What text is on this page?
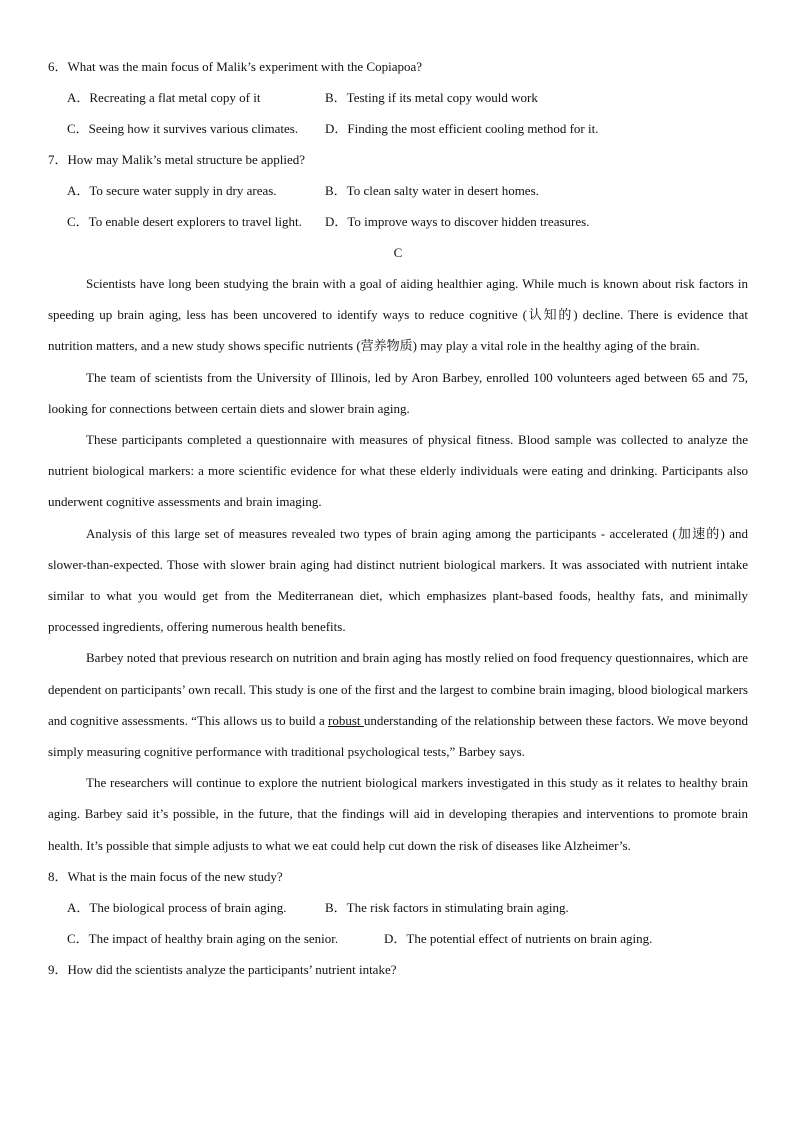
6．What was the main focus of Malik’s experiment with the Copiapoa?
A．Recreating a flat metal copy of it	B．Testing if its metal copy would work
C．Seeing how it survives various climates. D．Finding the most efficient cooling method for it.
7．How may Malik’s metal structure be applied?
A．To secure water supply in dry areas.	B．To clean salty water in desert homes.
C．To enable desert explorers to travel light. D．To improve ways to discover hidden treasures.
C

Scientists have long been studying the brain with a goal of aiding healthier aging. While much is known about risk factors in speeding up brain aging, less has been uncovered to identify ways to reduce cognitive (认知的) decline. There is evidence that nutrition matters, and a new study shows specific nutrients (营养物质) may play a vital role in the healthy aging of the brain.

The team of scientists from the University of Illinois, led by Aron Barbey, enrolled 100 volunteers aged between 65 and 75, looking for connections between certain diets and slower brain aging.

These participants completed a questionnaire with measures of physical fitness. Blood sample was collected to analyze the nutrient biological markers: a more scientific evidence for what these elderly individuals were eating and drinking. Participants also underwent cognitive assessments and brain imaging.

Analysis of this large set of measures revealed two types of brain aging among the participants - accelerated (加速的) and slower-than-expected. Those with slower brain aging had distinct nutrient biological markers. It was associated with nutrient intake similar to what you would get from the Mediterranean diet, which emphasizes plant-based foods, healthy fats, and minimally processed ingredients, offering numerous health benefits.

Barbey noted that previous research on nutrition and brain aging has mostly relied on food frequency questionnaires, which are dependent on participants’ own recall. This study is one of the first and the largest to combine brain imaging, blood biological markers and cognitive assessments. “This allows us to build a robust understanding of the relationship between these factors. We move beyond simply measuring cognitive performance with traditional psychological tests,” Barbey says.

The researchers will continue to explore the nutrient biological markers investigated in this study as it relates to healthy brain aging. Barbey said it’s possible, in the future, that the findings will aid in developing therapies and interventions to promote brain health. It’s possible that simple adjusts to what we eat could help cut down the risk of diseases like Alzheimer’s.

8．What is the main focus of the new study?
A．The biological process of brain aging.	B．The risk factors in stimulating brain aging.
C．The impact of healthy brain aging on the senior.	D．The potential effect of nutrients on brain aging.
9．How did the scientists analyze the participants’ nutrient intake?
